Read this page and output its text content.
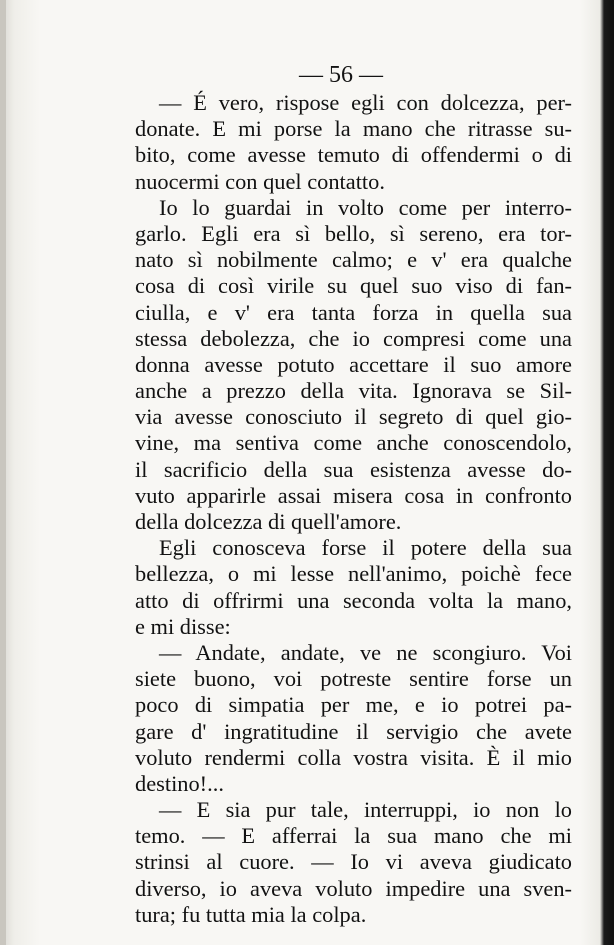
— 56 —
— É vero, rispose egli con dolcezza, per-
donate. E mi porse la mano che ritrasse su-
bito, come avesse temuto di offendermi o di
nuocermi con quel contatto.
Io lo guardai in volto come per interro-
garlo. Egli era sì bello, sì sereno, era tor-
nato sì nobilmente calmo; e v' era qualche
cosa di così virile su quel suo viso di fan-
ciulla, e v' era tanta forza in quella sua
stessa debolezza, che io compresi come una
donna avesse potuto accettare il suo amore
anche a prezzo della vita. Ignorava se Sil-
via avesse conosciuto il segreto di quel gio-
vine, ma sentiva come anche conoscendolo,
il sacrificio della sua esistenza avesse do-
vuto apparirle assai misera cosa in confronto
della dolcezza di quell'amore.
Egli conosceva forse il potere della sua
bellezza, o mi lesse nell'animo, poichè fece
atto di offrirmi una seconda volta la mano,
e mi disse:
— Andate, andate, ve ne scongiuro. Voi
siete buono, voi potreste sentire forse un
poco di simpatia per me, e io potrei pa-
gare d' ingratitudine il servigio che avete
voluto rendermi colla vostra visita. È il mio
destino!...
— E sia pur tale, interruppi, io non lo
temo. — E afferrai la sua mano che mi
strinsi al cuore. — Io vi aveva giudicato
diverso, io aveva voluto impedire una sven-
tura; fu tutta mia la colpa.
